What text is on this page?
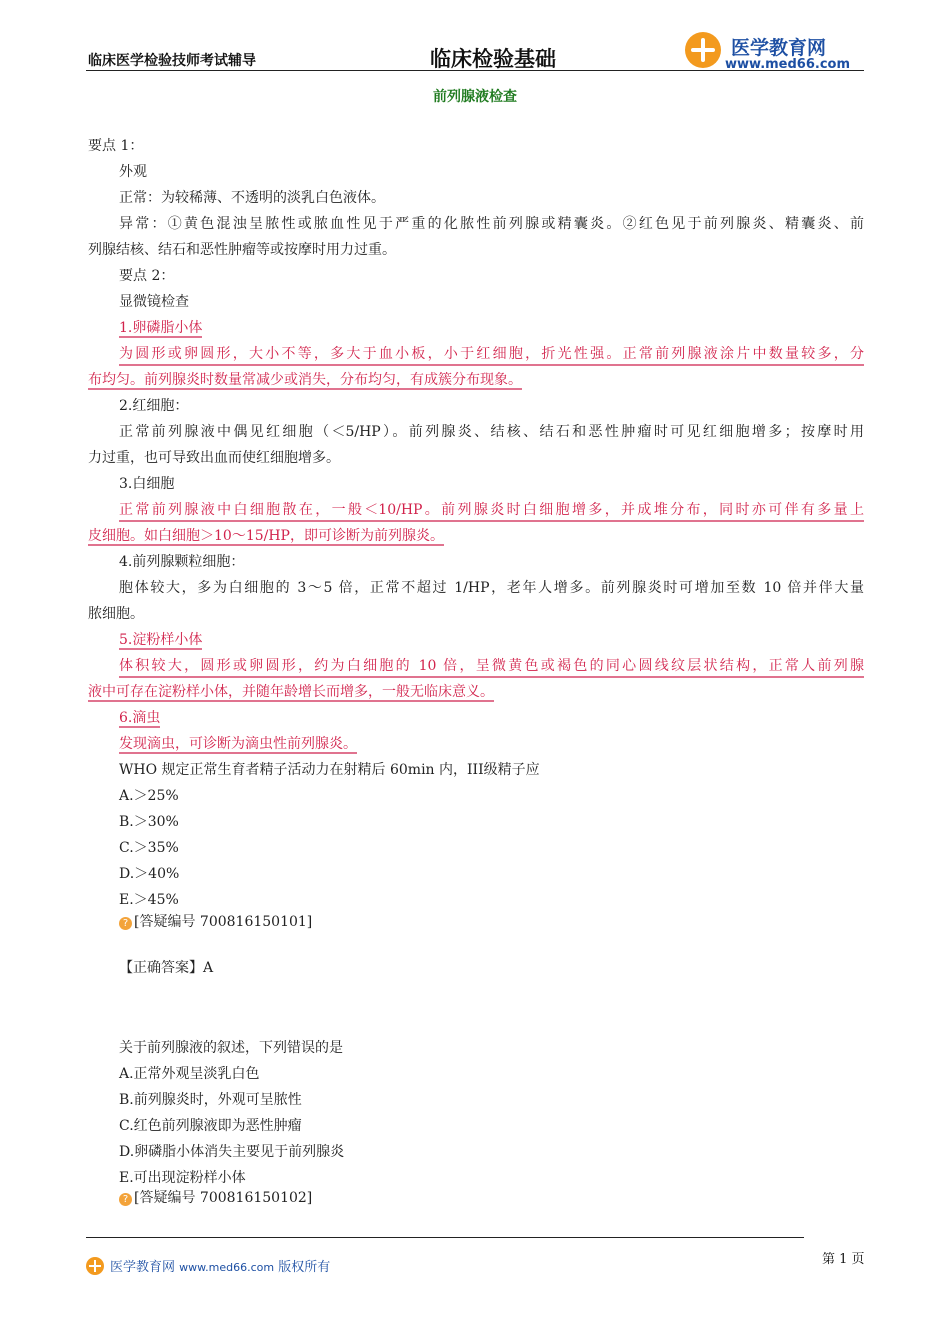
临床医学检验技师考试辅导	临床检验基础	医学教育网
www.med66.com
前列腺液检查
要点 1：
外观
正常：为较稀薄、不透明的淡乳白色液体。
异常：①黄色混浊呈脓性或脓血性见于严重的化脓性前列腺或精囊炎。②红色见于前列腺炎、精囊炎、前
列腺结核、结石和恶性肿瘤等或按摩时用力过重。
要点 2：
显微镜检查
1.卵磷脂小体
为圆形或卵圆形，大小不等，多大于血小板，小于红细胞，折光性强。正常前列腺液涂片中数量较多，分
布均匀。前列腺炎时数量常减少或消失，分布均匀，有成簇分布现象。
2.红细胞：
正常前列腺液中偶见红细胞（＜5/HP）。前列腺炎、结核、结石和恶性肿瘤时可见红细胞增多；按摩时用
力过重，也可导致出血而使红细胞增多。
3.白细胞
正常前列腺液中白细胞散在，一般＜10/HP。前列腺炎时白细胞增多，并成堆分布，同时亦可伴有多量上
皮细胞。如白细胞＞10～15/HP，即可诊断为前列腺炎。
4.前列腺颗粒细胞：
胞体较大，多为白细胞的 3～5 倍，正常不超过 1/HP，老年人增多。前列腺炎时可增加至数 10 倍并伴大量
脓细胞。
5.淀粉样小体
体积较大，圆形或卵圆形，约为白细胞的 10 倍，呈微黄色或褐色的同心圆线纹层状结构，正常人前列腺
液中可存在淀粉样小体，并随年龄增长而增多，一般无临床意义。
6.滴虫
发现滴虫，可诊断为滴虫性前列腺炎。
WHO 规定正常生育者精子活动力在射精后 60min 内，III级精子应
A.＞25%
B.＞30%
C.＞35%
D.＞40%
E.＞45%
? [答疑编号 700816150101]
【正确答案】A
关于前列腺液的叙述，下列错误的是
A.正常外观呈淡乳白色
B.前列腺炎时，外观可呈脓性
C.红色前列腺液即为恶性肿瘤
D.卵磷脂小体消失主要见于前列腺炎
E.可出现淀粉样小体
? [答疑编号 700816150102]
第 1 页
医学教育网 www.med66.com 版权所有
